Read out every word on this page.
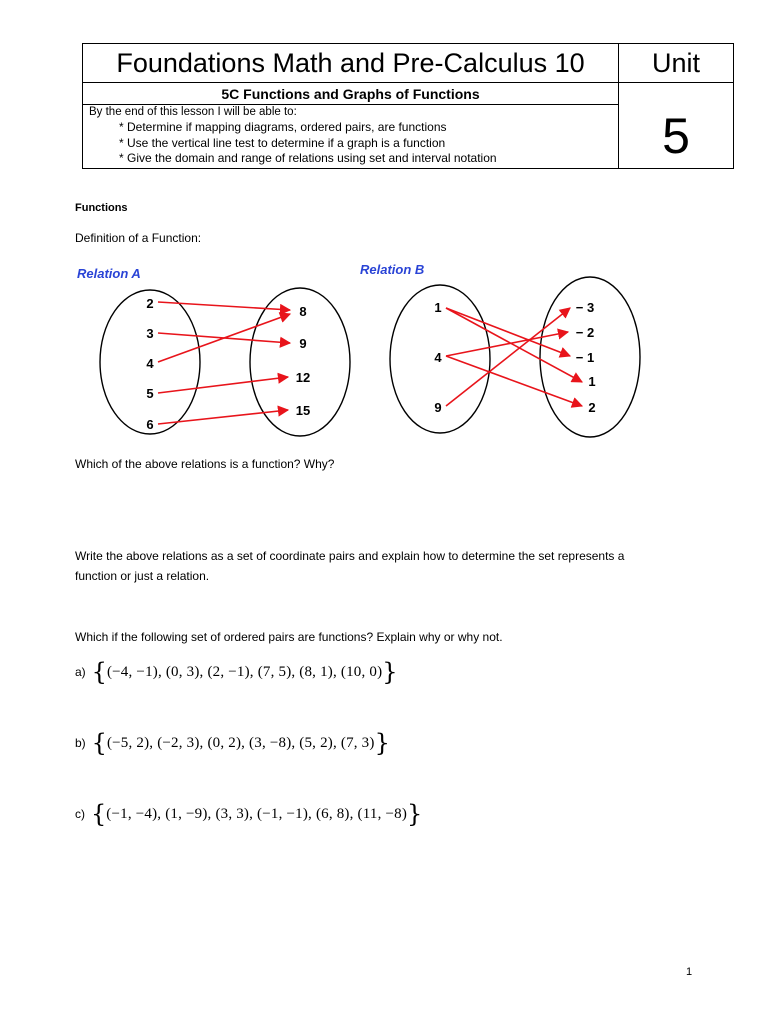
Foundations Math and Pre-Calculus 10
5C Functions and Graphs of Functions
By the end of this lesson I will be able to:
* Determine if mapping diagrams, ordered pairs, are functions
* Use the vertical line test to determine if a graph is a function
* Give the domain and range of relations using set and interval notation
Unit
5
Functions
Definition of a Function:
Relation A
2
3
4
5
6
8
9
12
15
Relation B
1
4
9
− 3
− 2
− 1
1
2
Which of the above relations is a function? Why?
Write the above relations as a set of coordinate pairs and explain how to determine the set represents a
function or just a relation.
Which if the following set of ordered pairs are functions? Explain why or why not.
a) { (−4, −1), (0, 3), (2, −1), (7, 5), (8, 1), (10, 0) }
b) { (−5, 2), (−2, 3), (0, 2), (3, −8), (5, 2), (7, 3) }
c) { (−1, −4), (1, −9), (3, 3), (−1, −1), (6, 8), (11, −8) }
1
